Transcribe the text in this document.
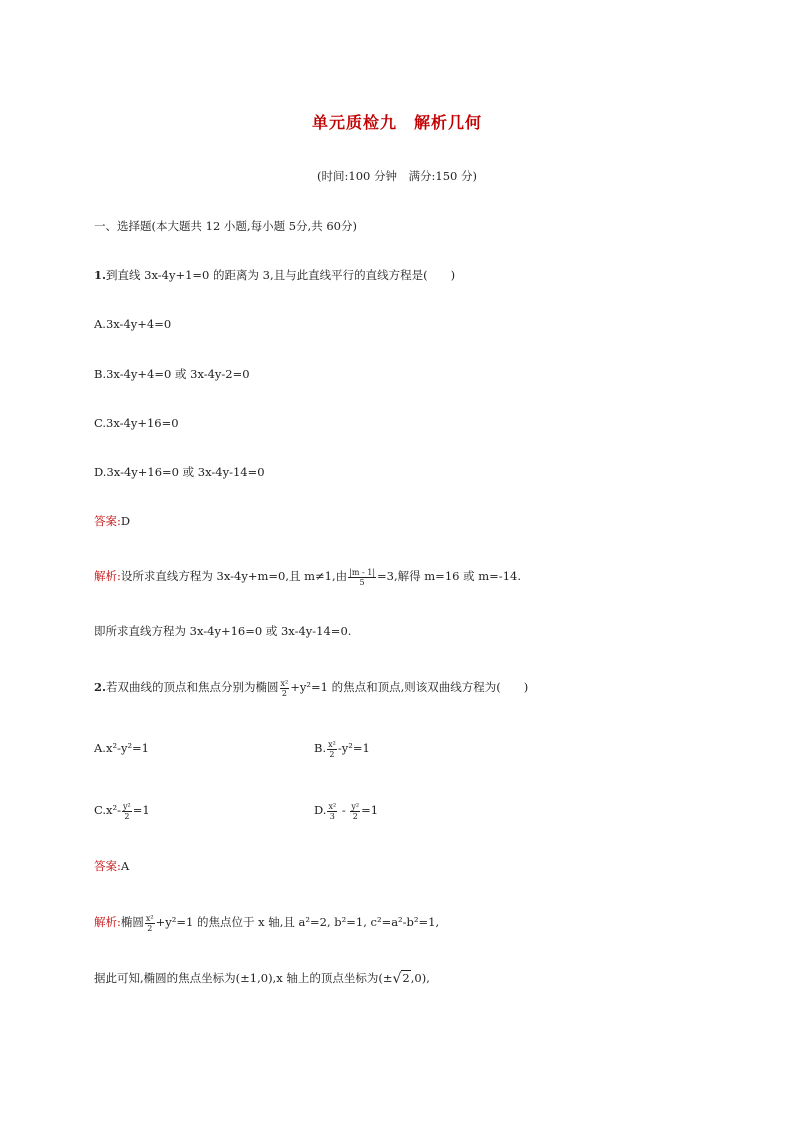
单元质检九　解析几何
(时间:100 分钟　满分:150 分)
一、选择题(本大题共 12 小题,每小题 5分,共 60分)
1.到直线 3x-4y+1=0 的距离为 3,且与此直线平行的直线方程是(　　)
A.3x-4y+4=0
B.3x-4y+4=0 或 3x-4y-2=0
C.3x-4y+16=0
D.3x-4y+16=0 或 3x-4y-14=0
答案:D
解析:设所求直线方程为 3x-4y+m=0,且 m≠1,由 $\frac{|m - 1|}{5} =3$,解得 m=16 或 m=-14.
即所求直线方程为 3x-4y+16=0 或 3x-4y-14=0.
2.若双曲线的顶点和焦点分别为椭圆 $\frac{\text{x²}}{2} +y^2=1$ 的焦点和顶点,则该双曲线方程为(　　)
A.x²-y²=1	B. $\frac{\text{x²}}{2} -y^2=1$
$C.x^2- \frac{\text{y²}}{2} =1$	D. $\frac{\text{x²}}{3} - \frac{\text{y²}}{2} =1$
答案:A
解析:椭圆 $\frac{\text{x²}}{2} +y^2=1$ 的焦点位于 x 轴,且 a²=2, b²=1, c²=a²-b²=1,
据此可知,椭圆的焦点坐标为(±1,0),x 轴上的顶点坐标为(±√2,0),
